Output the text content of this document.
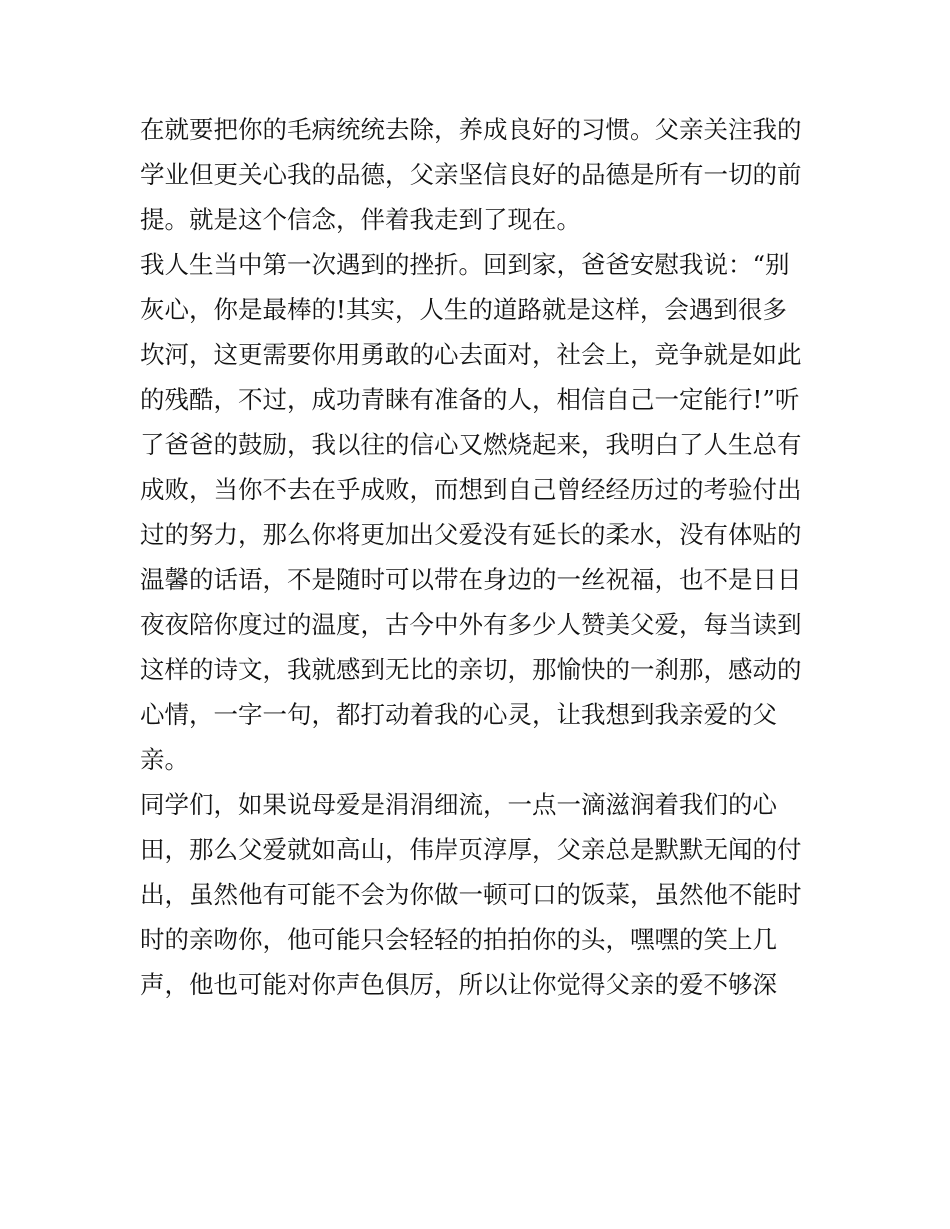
在就要把你的毛病统统去除，养成良好的习惯。父亲关注我的
学业但更关心我的品德，父亲坚信良好的品德是所有一切的前
提。就是这个信念，伴着我走到了现在。
我人生当中第一次遇到的挫折。回到家，爸爸安慰我说：“别
灰心，你是最棒的!其实，人生的道路就是这样，会遇到很多
坎河，这更需要你用勇敢的心去面对，社会上，竞争就是如此
的残酷，不过，成功青睐有准备的人，相信自己一定能行!”听
了爸爸的鼓励，我以往的信心又燃烧起来，我明白了人生总有
成败，当你不去在乎成败，而想到自己曾经经历过的考验付出
过的努力，那么你将更加出父爱没有延长的柔水，没有体贴的
温馨的话语，不是随时可以带在身边的一丝祝福，也不是日日
夜夜陪你度过的温度，古今中外有多少人赞美父爱，每当读到
这样的诗文，我就感到无比的亲切，那愉快的一刹那，感动的
心情，一字一句，都打动着我的心灵，让我想到我亲爱的父
亲。
同学们，如果说母爱是涓涓细流，一点一滴滋润着我们的心
田，那么父爱就如高山，伟岸页淳厚，父亲总是默默无闻的付
出，虽然他有可能不会为你做一顿可口的饭菜，虽然他不能时
时的亲吻你，他可能只会轻轻的拍拍你的头，嘿嘿的笑上几
声，他也可能对你声色俱厉，所以让你觉得父亲的爱不够深
